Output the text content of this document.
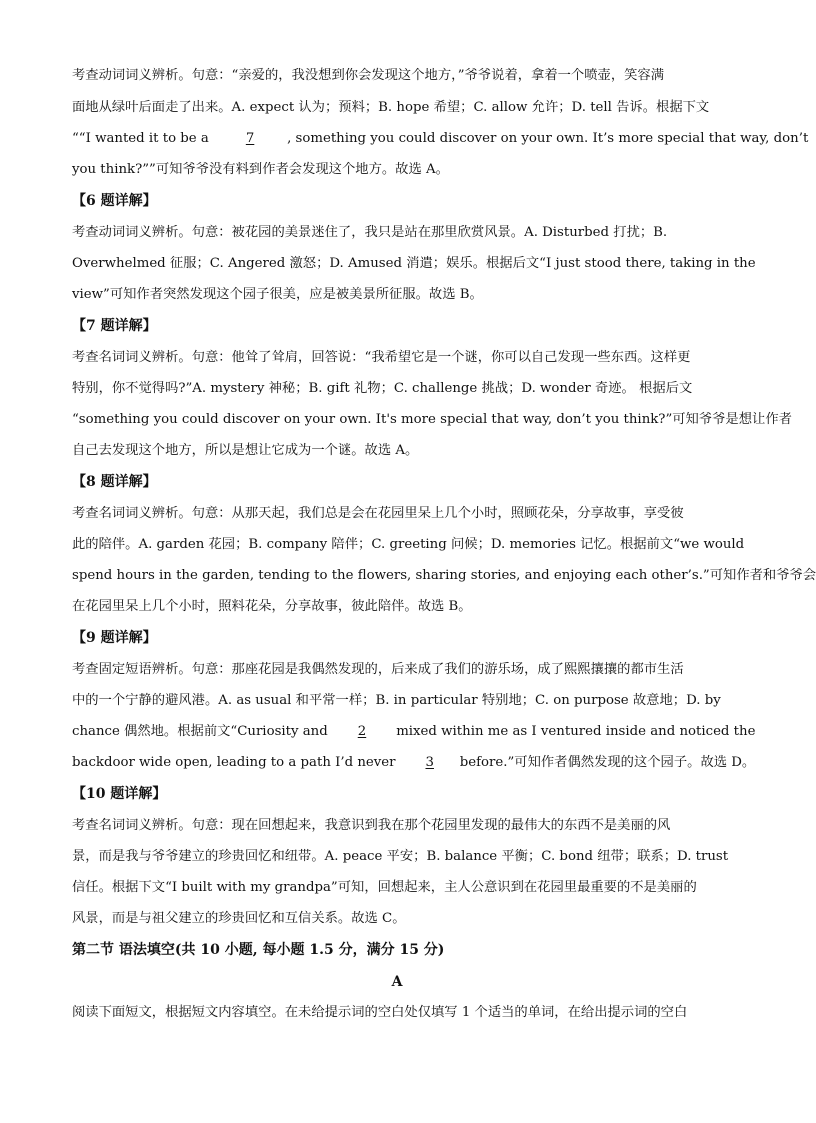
考查动词词义辨析。句意：“亲爱的，我没想到你会发现这个地方，”爷爷说着，拿着一个喷壶，笑容满
面地从绿叶后面走了出来。A. expect 认为；预料；B. hope 希望；C. allow 允许；D. tell 告诉。根据下文
““I wanted it to be a 7 , something you could discover on your own. It’s more special that way, don’t
you think?””可知爷爷没有料到作者会发现这个地方。故选 A。
【6 题详解】
考查动词词义辨析。句意：被花园的美景迷住了，我只是站在那里欣赏风景。A. Disturbed 打扰；B.
Overwhelmed 征服；C. Angered 激怒；D. Amused 消遣；娱乐。根据后文“I just stood there, taking in the
view”可知作者突然发现这个园子很美，应是被美景所征服。故选 B。
【7 题详解】
考查名词词义辨析。句意：他耸了耸肩，回答说：“我希望它是一个谜，你可以自己发现一些东西。这样更
特别，你不觉得吗?”A. mystery 神秘；B. gift 礼物；C. challenge 挑战；D. wonder 奇迹。 根据后文
“something you could discover on your own. It's more special that way, don’t you think?”可知爷爷是想让作者
自己去发现这个地方，所以是想让它成为一个谜。故选 A。
【8 题详解】
考查名词词义辨析。句意：从那天起，我们总是会在花园里呆上几个小时，照顾花朵，分享故事，享受彼
此的陪伴。A. garden 花园；B. company 陪伴；C. greeting 问候；D. memories 记忆。根据前文“we would
spend hours in the garden, tending to the flowers, sharing stories, and enjoying each other’s.”可知作者和爷爷会
在花园里呆上几个小时，照料花朵，分享故事，彼此陪伴。故选 B。
【9 题详解】
考查固定短语辨析。句意：那座花园是我偶然发现的，后来成了我们的游乐场，成了熙熙攘攘的都市生活
中的一个宁静的避风港。A. as usual 和平常一样；B. in particular 特别地；C. on purpose 故意地；D. by
chance 偶然地。根据前文“Curiosity and 2 mixed within me as I ventured inside and noticed the
backdoor wide open, leading to a path I’d never 3 before.”可知作者偶然发现的这个园子。故选 D。
【10 题详解】
考查名词词义辨析。句意：现在回想起来，我意识到我在那个花园里发现的最伟大的东西不是美丽的风
景，而是我与爷爷建立的珍贵回忆和纽带。A. peace 平安；B. balance 平衡；C. bond 纽带；联系；D. trust
信任。根据下文“I built with my grandpa”可知，回想起来，主人公意识到在花园里最重要的不是美丽的
风景，而是与祖父建立的珍贵回忆和互信关系。故选 C。
第二节 语法填空(共 10 小题, 每小题 1.5 分，满分 15 分)
A
阅读下面短文，根据短文内容填空。在未给提示词的空白处仅填写 1 个适当的单词，在给出提示词的空白
